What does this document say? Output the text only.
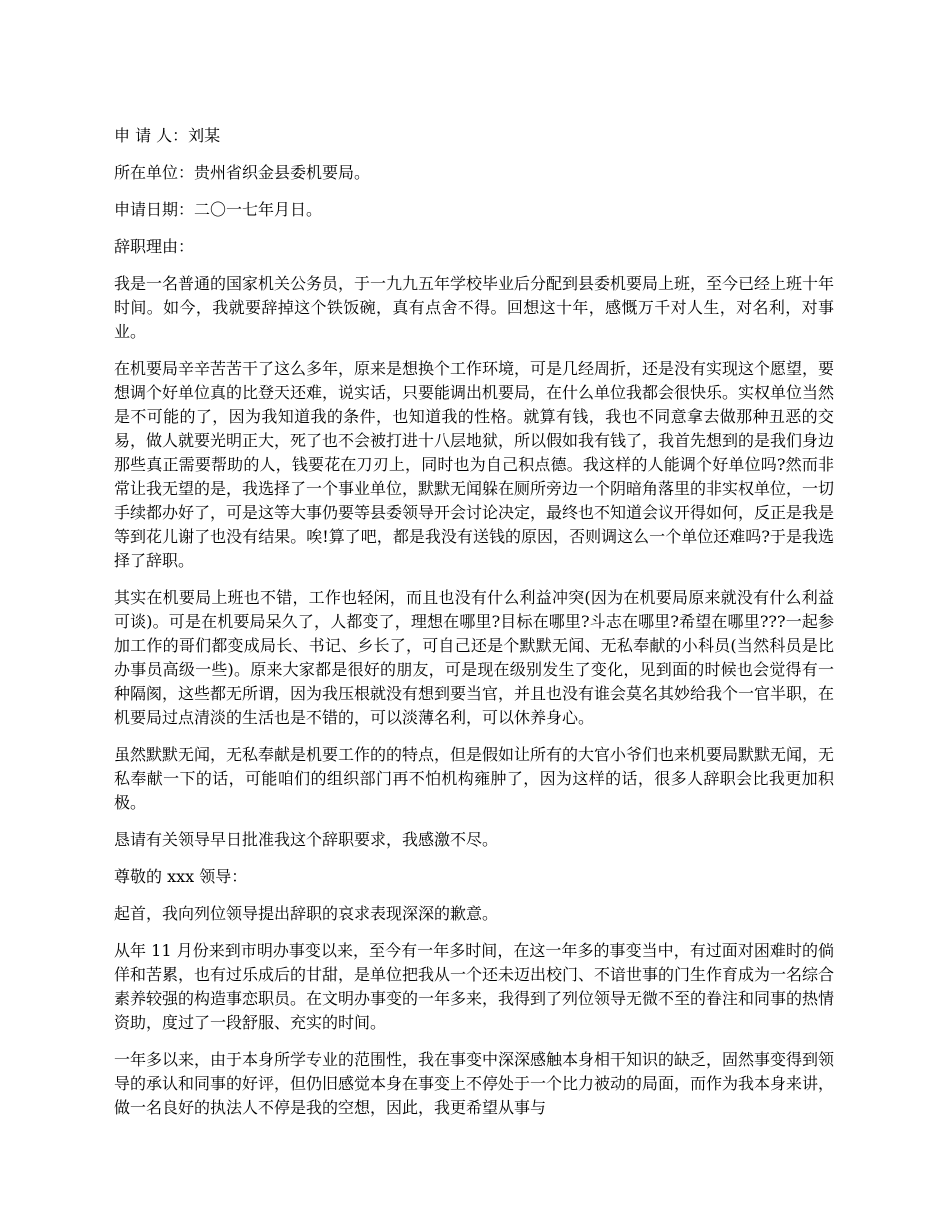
申 请 人：刘某

所在单位：贵州省织金县委机要局。

申请日期：二〇一七年月日。

辞职理由：

我是一名普通的国家机关公务员，于一九九五年学校毕业后分配到县委机要局上班，至今已经上班十年时间。如今，我就要辞掉这个铁饭碗，真有点舍不得。回想这十年，感慨万千对人生，对名利，对事业。

在机要局辛辛苦苦干了这么多年，原来是想换个工作环境，可是几经周折，还是没有实现这个愿望，要想调个好单位真的比登天还难，说实话，只要能调出机要局，在什么单位我都会很快乐。实权单位当然是不可能的了，因为我知道我的条件，也知道我的性格。就算有钱，我也不同意拿去做那种丑恶的交易，做人就要光明正大，死了也不会被打进十八层地狱，所以假如我有钱了，我首先想到的是我们身边那些真正需要帮助的人，钱要花在刀刃上，同时也为自己积点德。我这样的人能调个好单位吗?然而非常让我无望的是，我选择了一个事业单位，默默无闻躲在厕所旁边一个阴暗角落里的非实权单位，一切手续都办好了，可是这等大事仍要等县委领导开会讨论决定，最终也不知道会议开得如何，反正是我是等到花儿谢了也没有结果。唉!算了吧，都是我没有送钱的原因，否则调这么一个单位还难吗?于是我选择了辞职。

其实在机要局上班也不错，工作也轻闲，而且也没有什么利益冲突(因为在机要局原来就没有什么利益可谈)。可是在机要局呆久了，人都变了，理想在哪里?目标在哪里?斗志在哪里?希望在哪里???一起参加工作的哥们都变成局长、书记、乡长了，可自己还是个默默无闻、无私奉献的小科员(当然科员是比办事员高级一些)。原来大家都是很好的朋友，可是现在级别发生了变化，见到面的时候也会觉得有一种隔阂，这些都无所谓，因为我压根就没有想到要当官，并且也没有谁会莫名其妙给我个一官半职，在机要局过点清淡的生活也是不错的，可以淡薄名利，可以休养身心。

虽然默默无闻，无私奉献是机要工作的的特点，但是假如让所有的大官小爷们也来机要局默默无闻，无私奉献一下的话，可能咱们的组织部门再不怕机构雍肿了，因为这样的话，很多人辞职会比我更加积极。

恳请有关领导早日批准我这个辞职要求，我感激不尽。

尊敬的 xxx 领导：

起首，我向列位领导提出辞职的哀求表现深深的歉意。

从年 11 月份来到市明办事变以来，至今有一年多时间，在这一年多的事变当中，有过面对困难时的倘佯和苦累，也有过乐成后的甘甜，是单位把我从一个还未迈出校门、不谙世事的门生作育成为一名综合素养较强的构造事恋职员。在文明办事变的一年多来，我得到了列位领导无微不至的眷注和同事的热情资助，度过了一段舒服、充实的时间。

一年多以来，由于本身所学专业的范围性，我在事变中深深感触本身相干知识的缺乏，固然事变得到领导的承认和同事的好评，但仍旧感觉本身在事变上不停处于一个比力被动的局面，而作为我本身来讲，做一名良好的执法人不停是我的空想，因此，我更希望从事与
